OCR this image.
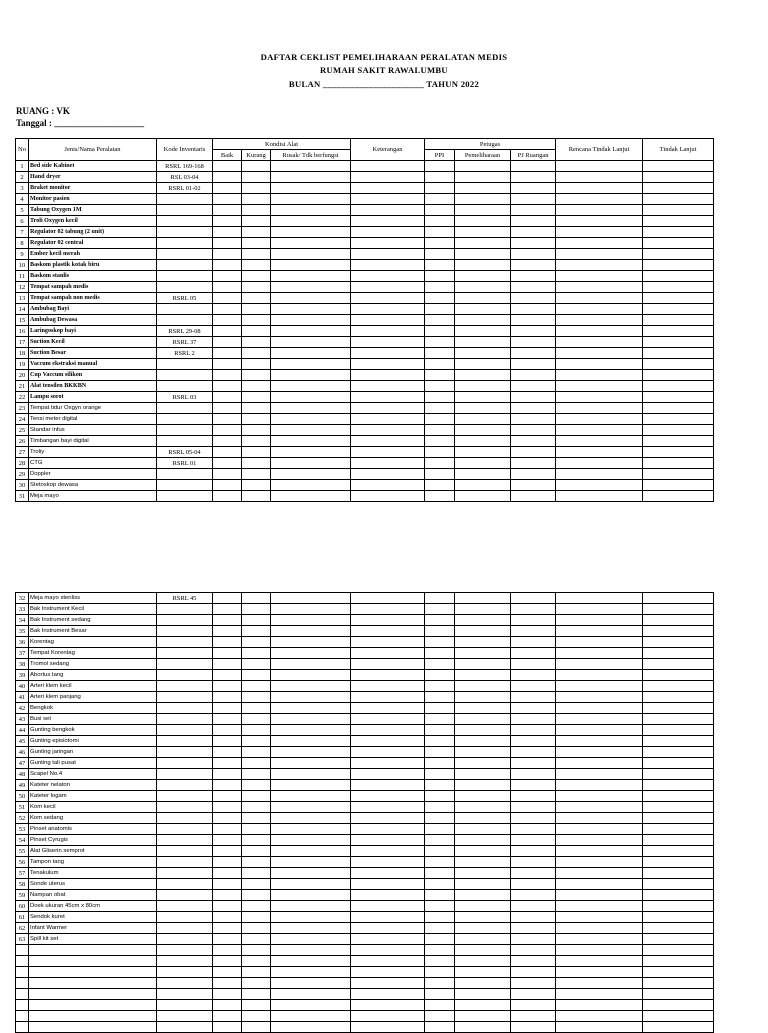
DAFTAR CEKLIST PEMELIHARAAN PERALATAN MEDIS
RUMAH SAKIT RAWALUMBU
BULAN ______________________ TAHUN 2022
RUANG : VK
Tanggal : ____________________
No	Jenis/Nama Peralatan	Kode Inventaris	Kondisi Alat			Keterangan	Petugas			Rencana Tindak Lanjut	Tindak Lanjut
			Baik	Kurang	Rusak/ Tdk berfungsi		PPI	Pemeliharaan	PJ Ruangan		
1	Bed side Kabinet	RSRL 169-168									
2	Hand dryer	RSL 03-04									
3	Braket monitor	RSRL 01-02									
4	Monitor pasien										
5	Tabung Oxygen 1M										
6	Troli Oxygen kecil										
7	Regulator 02 tabung (2 unit)										
8	Regulator 02 central										
9	Ember kecil merah										
10	Baskom plastik kotak biru										
11	Baskom stanlis										
12	Tempat sampah medis										
13	Tempat sampah non medis	RSRL 05									
14	Ambubag Bayi										
15	Ambubag Dewasa										
16	Laringoskop bayi	RSRL 29-08									
17	Suction Kecil	RSRL 37									
18	Suction Besar	RSRL 2									
19	Vaccum ekstraksi manual										
20	Cup Vaccum silikon										
21	Alat tensilen BKKBN										
22	Lampu sorot	RSRL 03									
23	Tempat tidur Oxgyn orange										
24	Tensi meter digital										
25	Standar infus										
26	Timbangan bayi digital										
27	Troliy	RSRL 05-04									
28	CTG	RSRL 01									
29	Doppler										
30	Stetoskop dewasa										
31	Meja mayo										
32	Meja mayo stenliss	RSRL 45									
33	Bak Instrument Kecil										
34	Bak Instrument sedang										
35	Bak Instrument Besar										
36	Korentag										
37	Tempat Korentag										
38	Tromol sedang										
39	Abortus tang										
40	Arteri klem kecil										
41	Arteri klem panjang										
42	Bengkok										
43	Busi set										
44	Gunting bengkok										
45	Gunting episiotomi										
46	Gunting jaringan										
47	Gunting tali pusat										
48	Scapel No.4										
49	Kateter nelaton										
50	Kateter logam										
51	Kom kecil										
52	Kom sedang										
53	Pinset anatomis										
54	Pinset Cyrugis										
55	Alat Gliserin semprot										
56	Tampon tang										
57	Tenakulum										
58	Sonde uterus										
59	Nampan obat										
60	Doek ukuran 45cm x 80cm										
61	Sendok kuret										
62	Infant Warmer										
63	Spill kit set										
